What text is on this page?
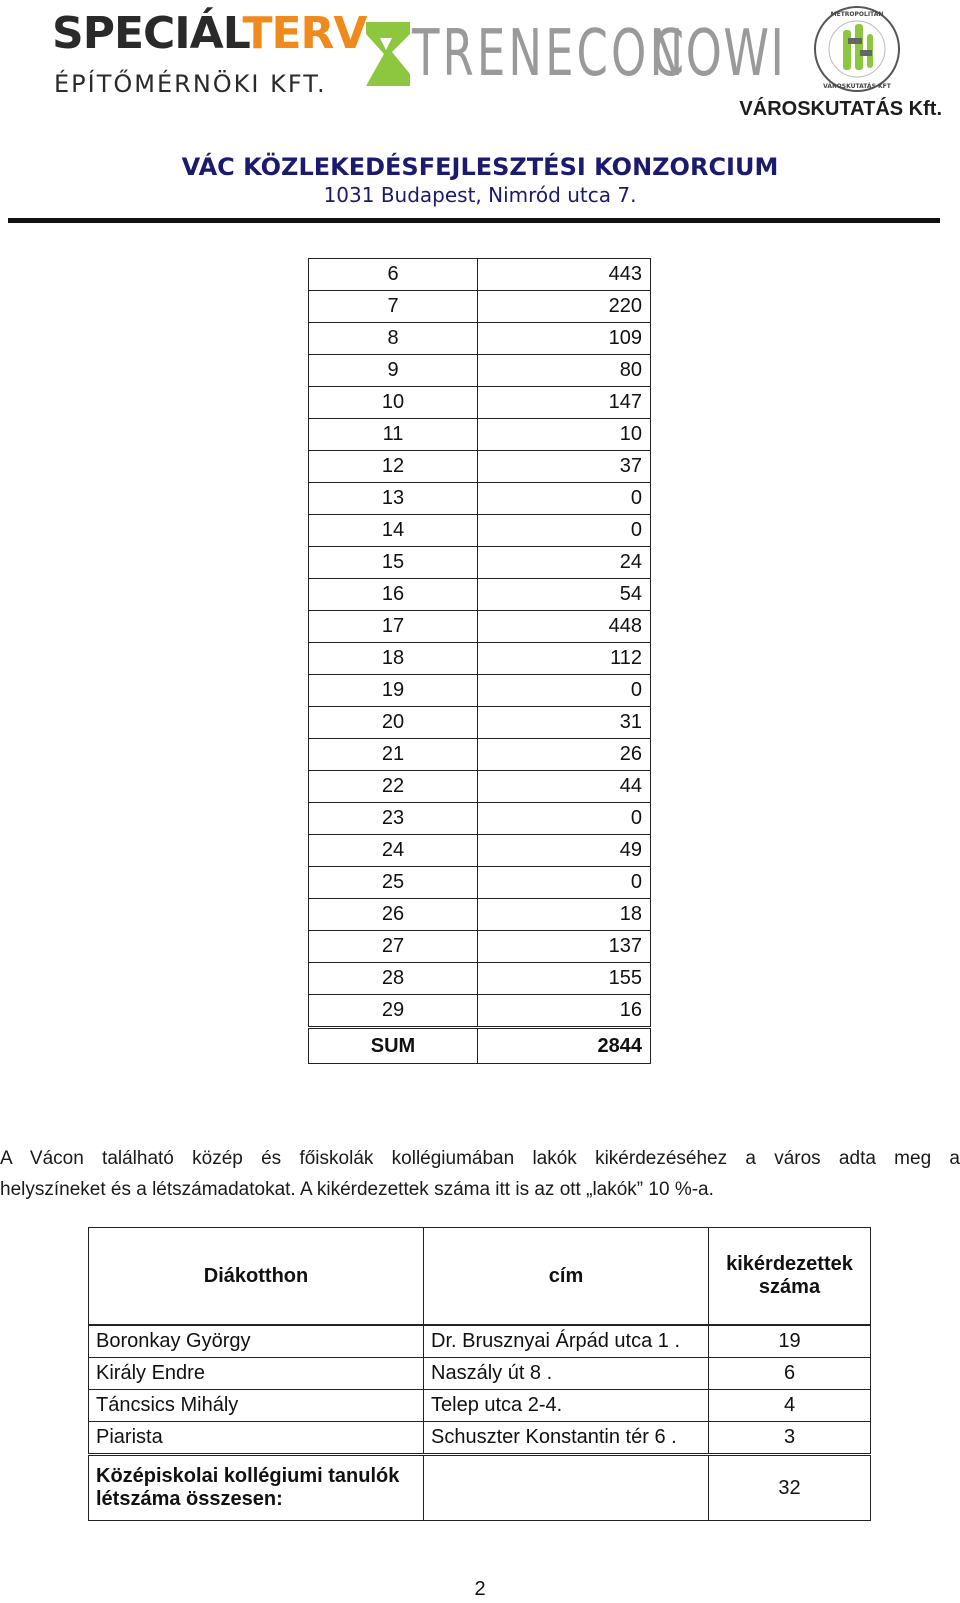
SPECIÁLTERV
ÉPÍTŐMÉRNÖKI KFT. TRENECON
COWI
METROPOLITAN
VÁROSKUTATÁS KFT
VÁROSKUTATÁS Kft.
VÁC KÖZLEKEDÉSFEJLESZTÉSI KONZORCIUM
1031 Budapest, Nimród utca 7.
6	443
7	220
8	109
9	80
10	147
11	10
12	37
13	0
14	0
15	24
16	54
17	448
18	112
19	0
20	31
21	26
22	44
23	0
24	49
25	0
26	18
27	137
28	155
29	16
SUM	2844
A Vácon található közép és főiskolák kollégiumában lakók kikérdezéséhez a város adta meg a
helyszíneket és a létszámadatokat. A kikérdezettek száma itt is az ott „lakók” 10 %-a.
Diákotthon	cím	kikérdezettek száma
Boronkay György	Dr. Brusznyai Árpád utca 1 .	19
Király Endre	Naszály út 8 .	6
Táncsics Mihály	Telep utca 2-4.	4
Piarista	Schuszter Konstantin tér 6 .	3
Középiskolai kollégiumi tanulók létszáma összesen:		32
2
